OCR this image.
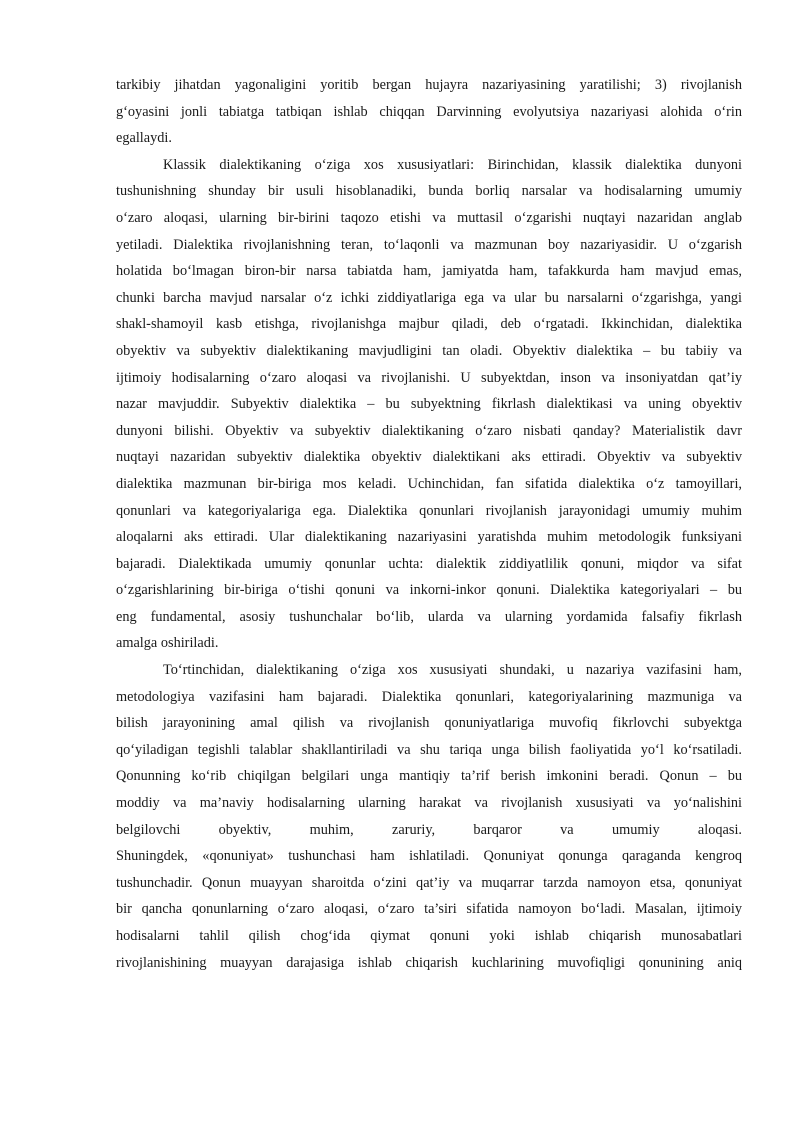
tarkibiy jihatdan yagonaligini yoritib bergan hujayra nazariyasining yaratilishi; 3) rivojlanish
g‘oyasini jonli tabiatga tatbiqan ishlab chiqqan Darvinning evolyutsiya nazariyasi alohida o‘rin
egallaydi.
Klassik dialektikaning o‘ziga xos xususiyatlari: Birinchidan, klassik dialektika dunyoni
tushunishning shunday bir usuli hisoblanadiki, bunda borliq narsalar va hodisalarning umumiy
o‘zaro aloqasi, ularning bir-birini taqozo etishi va muttasil o‘zgarishi nuqtayi nazaridan anglab
yetiladi. Dialektika rivojlanishning teran, to‘laqonli va mazmunan boy nazariyasidir. U o‘zgarish
holatida bo‘lmagan biron-bir narsa tabiatda ham, jamiyatda ham, tafakkurda ham mavjud emas,
chunki barcha mavjud narsalar o‘z ichki ziddiyatlariga ega va ular bu narsalarni o‘zgarishga, yangi
shakl-shamoyil kasb etishga, rivojlanishga majbur qiladi, deb o‘rgatadi. Ikkinchidan, dialektika
obyektiv va subyektiv dialektikaning mavjudligini tan oladi. Obyektiv dialektika – bu tabiiy va
ijtimoiy hodisalarning o‘zaro aloqasi va rivojlanishi. U subyektdan, inson va insoniyatdan qat’iy
nazar mavjuddir. Subyektiv dialektika – bu subyektning fikrlash dialektikasi va uning obyektiv
dunyoni bilishi. Obyektiv va subyektiv dialektikaning o‘zaro nisbati qanday? Materialistik davr
nuqtayi nazaridan subyektiv dialektika obyektiv dialektikani aks ettiradi. Obyektiv va subyektiv
dialektika mazmunan bir-biriga mos keladi. Uchinchidan, fan sifatida dialektika o‘z tamoyillari,
qonunlari va kategoriyalariga ega. Dialektika qonunlari rivojlanish jarayonidagi umumiy muhim
aloqalarni aks ettiradi. Ular dialektikaning nazariyasini yaratishda muhim metodologik funksiyani
bajaradi. Dialektikada umumiy qonunlar uchta: dialektik ziddiyatlilik qonuni, miqdor va sifat
o‘zgarishlarining bir-biriga o‘tishi qonuni va inkorni-inkor qonuni. Dialektika kategoriyalari – bu
eng fundamental, asosiy tushunchalar bo‘lib, ularda va ularning yordamida falsafiy fikrlash
amalga oshiriladi.
To‘rtinchidan, dialektikaning o‘ziga xos xususiyati shundaki, u nazariya vazifasini ham,
metodologiya vazifasini ham bajaradi. Dialektika qonunlari, kategoriyalarining mazmuniga va
bilish jarayonining amal qilish va rivojlanish qonuniyatlariga muvofiq fikrlovchi subyektga
qo‘yiladigan tegishli talablar shakllantiriladi va shu tariqa unga bilish faoliyatida yo‘l ko‘rsatiladi.
Qonunning ko‘rib chiqilgan belgilari unga mantiqiy ta’rif berish imkonini beradi. Qonun – bu
moddiy va ma’naviy hodisalarning ularning harakat va rivojlanish xususiyati va yo‘nalishini
belgilovchi obyektiv, muhim, zaruriy, barqaror va umumiy aloqasi.
Shuningdek, «qonuniyat» tushunchasi ham ishlatiladi. Qonuniyat qonunga qaraganda kengroq
tushunchadir. Qonun muayyan sharoitda o‘zini qat’iy va muqarrar tarzda namoyon etsa, qonuniyat
bir qancha qonunlarning o‘zaro aloqasi, o‘zaro ta’siri sifatida namoyon bo‘ladi. Masalan, ijtimoiy
hodisalarni tahlil qilish chog‘ida qiymat qonuni yoki ishlab chiqarish munosabatlari
rivojlanishining muayyan darajasiga ishlab chiqarish kuchlarining muvofiqligi qonunining aniq
